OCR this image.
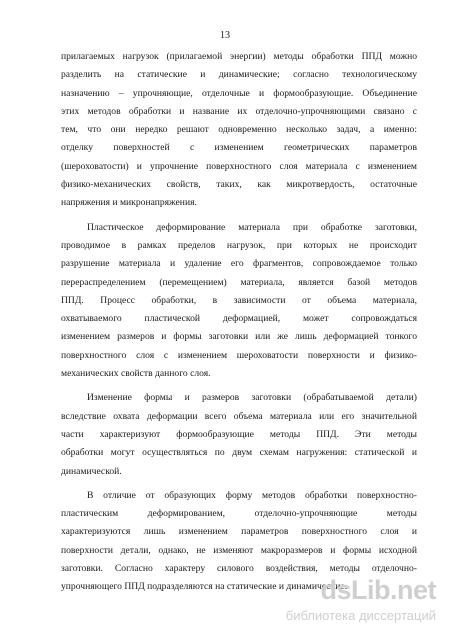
13
прилагаемых нагрузок (прилагаемой энергии) методы обработки ППД можно
разделить на статические и динамические; согласно технологическому
назначению – упрочняющие, отделочные и формообразующие. Объединение
этих методов обработки и название их отделочно-упрочняющими связано с
тем, что они нередко решают одновременно несколько задач, а именно:
отделку поверхностей с изменением геометрических параметров
(шероховатости) и упрочнение поверхностного слоя материала с изменением
физико-механических свойств, таких, как микротвердость, остаточные
напряжения и микронапряжения.
Пластическое деформирование материала при обработке заготовки,
проводимое в рамках пределов нагрузок, при которых не происходит
разрушение материала и удаление его фрагментов, сопровождаемое только
перераспределением (перемещением) материала, является базой методов
ППД. Процесс обработки, в зависимости от объема материала,
охватываемого пластической деформацией, может сопровождаться
изменением размеров и формы заготовки или же лишь деформацией тонкого
поверхностного слоя с изменением шероховатости поверхности и физико-
механических свойств данного слоя.
Изменение формы и размеров заготовки (обрабатываемой детали)
вследствие охвата деформации всего объема материала или его значительной
части характеризуют формообразующие методы ППД. Эти методы
обработки могут осуществляться по двум схемам нагружения: статической и
динамической.
В отличие от образующих форму методов обработки поверхностно-
пластическим деформированием, отделочно-упрочняющие методы
характеризуются лишь изменением параметров поверхностного слоя и
поверхности детали, однако, не изменяют макроразмеров и формы исходной
заготовки. Согласно характеру силового воздействия, методы отделочно-
упрочняющего ППД подразделяются на статические и динамические.
dsLib.net
библиотека диссертаций
